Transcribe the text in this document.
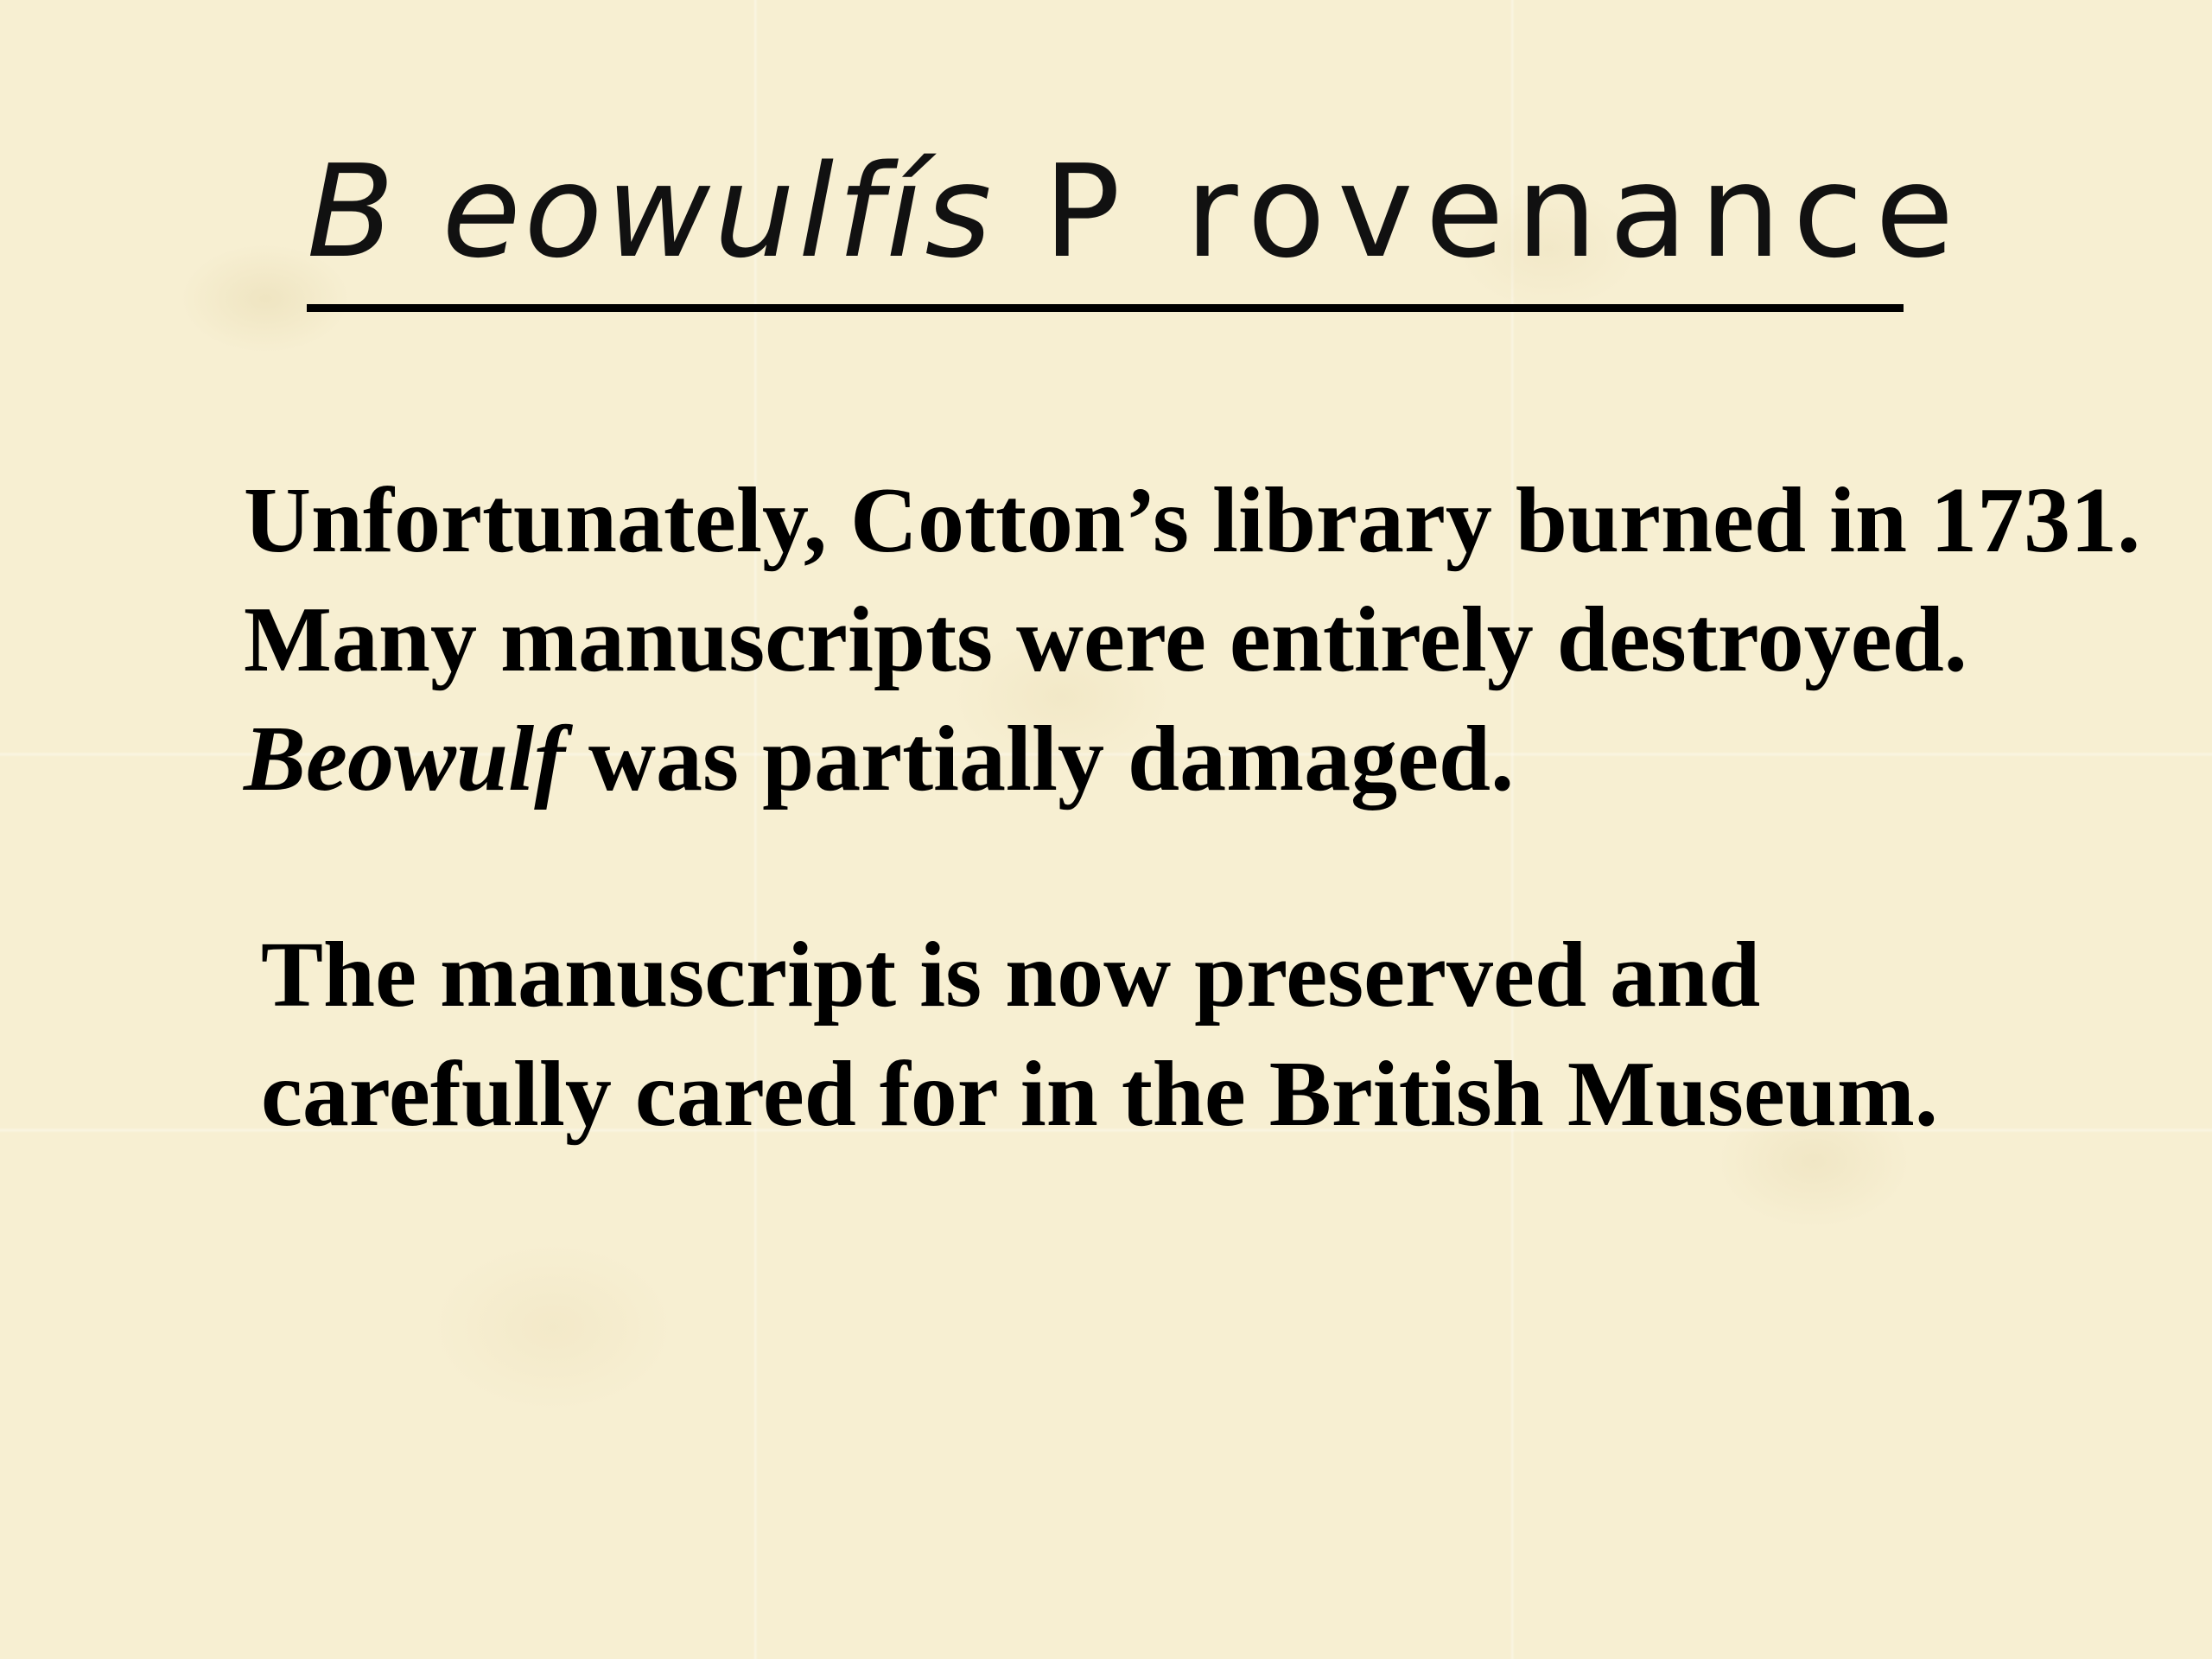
B eowulfís P rovenance

Unfortunately, Cotton’s library burned in 1731. Many manuscripts were entirely destroyed. Beowulf was partially damaged.

The manuscript is now preserved and carefully cared for in the British Museum.
